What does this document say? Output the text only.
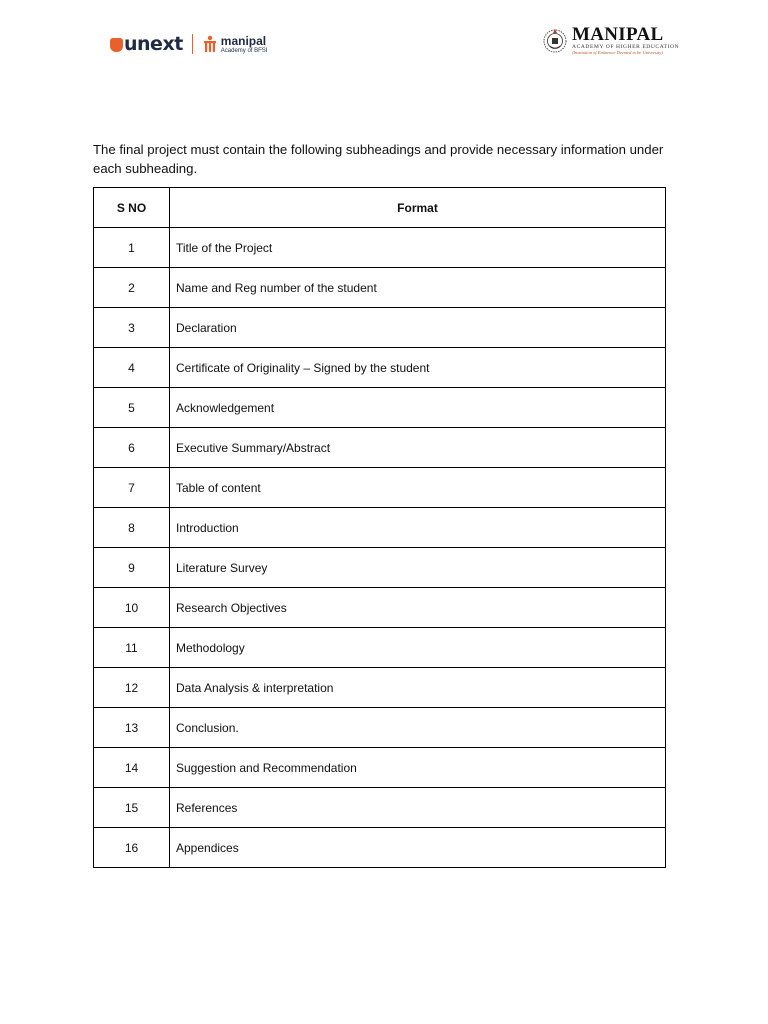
unext	manipal
Academy of BFSI
MANIPAL
ACADEMY OF HIGHER EDUCATION
(Institution of Eminence Deemed to be University)

The final project must contain the following subheadings and provide necessary information under each subheading.

S NO	Format
1	Title of the Project
2	Name and Reg number of the student
3	Declaration
4	Certificate of Originality – Signed by the student
5	Acknowledgement
6	Executive Summary/Abstract
7	Table of content
8	Introduction
9	Literature Survey
10	Research Objectives
11	Methodology
12	Data Analysis & interpretation
13	Conclusion.
14	Suggestion and Recommendation
15	References
16	Appendices
